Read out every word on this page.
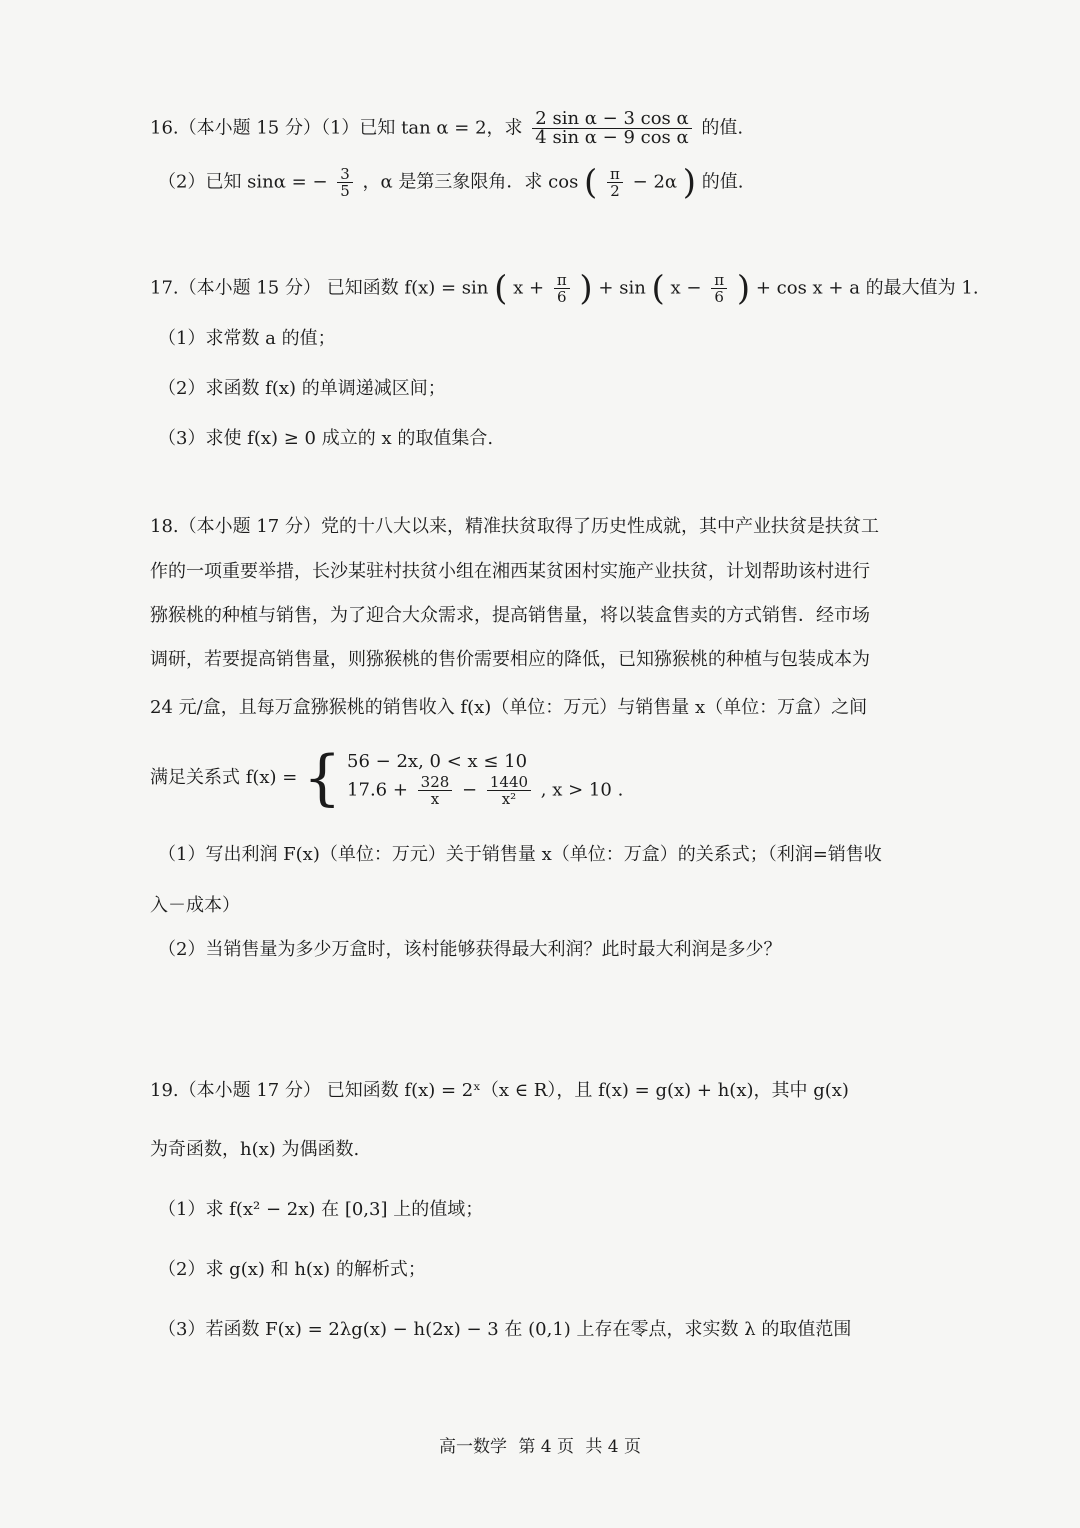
16.（本小题 15 分）（1）已知 tan α = 2，求 $\frac{\text{2 sin α − 3 cos α}}{\text{4 sin α − 9 cos α}}$ 的值.
（2）已知 sinα = − $\frac{3}{5}$ ，α 是第三象限角．求 cos ( $\frac{\pi}{2} - 2\alpha$ ) 的值.
17.（本小题 15 分） 已知函数 f(x) = sin ( $x + \frac{\pi}{6}$ ) + sin ( $x - \frac{\pi}{6}$ ) + cos x + a 的最大值为 1.
（1）求常数 a 的值；
（2）求函数 f(x) 的单调递减区间；
（3）求使 f(x) ≥ 0 成立的 x 的取值集合.
18.（本小题 17 分）党的十八大以来，精准扶贫取得了历史性成就，其中产业扶贫是扶贫工
作的一项重要举措，长沙某驻村扶贫小组在湘西某贫困村实施产业扶贫，计划帮助该村进行
猕猴桃的种植与销售，为了迎合大众需求，提高销售量，将以装盒售卖的方式销售．经市场
调研，若要提高销售量，则猕猴桃的售价需要相应的降低，已知猕猴桃的种植与包装成本为
24 元/盒，且每万盒猕猴桃的销售收入 f(x)（单位：万元）与销售量 x（单位：万盒）之间
满足关系式 f(x) = { 56 − 2x, 0 < x ≤ 10
$17.6 + \frac{328}{x} - \frac{1440}{\text{x²}}$ , x > 10 .
（1）写出利润 F(x)（单位：万元）关于销售量 x（单位：万盒）的关系式；（利润=销售收
入－成本）
（2）当销售量为多少万盒时，该村能够获得最大利润？此时最大利润是多少？
19.（本小题 17 分） 已知函数 f(x) = 2ˣ（x ∈ R），且 f(x) = g(x) + h(x)，其中 g(x)
为奇函数，h(x) 为偶函数.
（1）求 f(x² − 2x) 在 [0,3] 上的值域；
（2）求 g(x) 和 h(x) 的解析式；
（3）若函数 F(x) = 2λg(x) − h(2x) − 3 在 (0,1) 上存在零点，求实数 λ 的取值范围
高一数学 第 4 页 共 4 页
